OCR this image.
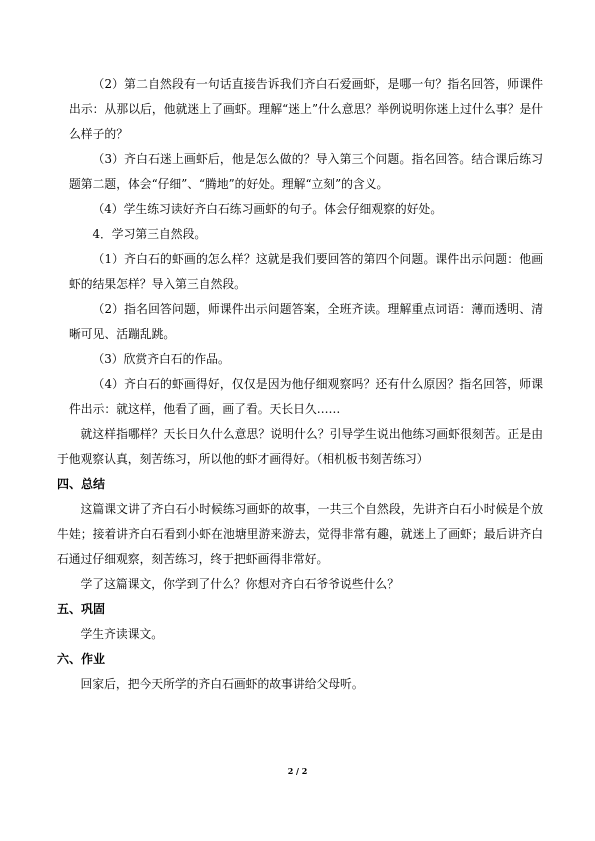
（2）第二自然段有一句话直接告诉我们齐白石爱画虾，是哪一句？指名回答，师课件出示：从那以后，他就迷上了画虾。理解“迷上”什么意思？举例说明你迷上过什么事？是什么样子的？

（3）齐白石迷上画虾后，他是怎么做的？导入第三个问题。指名回答。结合课后练习题第二题，体会“仔细”、“腾地”的好处。理解“立刻”的含义。

（4）学生练习读好齐白石练习画虾的句子。体会仔细观察的好处。

4．学习第三自然段。

（1）齐白石的虾画的怎么样？这就是我们要回答的第四个问题。课件出示问题：他画虾的结果怎样？导入第三自然段。

（2）指名回答问题，师课件出示问题答案，全班齐读。理解重点词语：薄而透明、清晰可见、活蹦乱跳。

（3）欣赏齐白石的作品。

（4）齐白石的虾画得好，仅仅是因为他仔细观察吗？还有什么原因？指名回答，师课件出示：就这样，他看了画，画了看。天长日久……

就这样指哪样？天长日久什么意思？说明什么？引导学生说出他练习画虾很刻苦。正是由于他观察认真，刻苦练习，所以他的虾才画得好。（相机板书刻苦练习）

四、总结

这篇课文讲了齐白石小时候练习画虾的故事，一共三个自然段，先讲齐白石小时候是个放牛娃；接着讲齐白石看到小虾在池塘里游来游去，觉得非常有趣，就迷上了画虾；最后讲齐白石通过仔细观察，刻苦练习，终于把虾画得非常好。

学了这篇课文，你学到了什么？你想对齐白石爷爷说些什么？

五、巩固

学生齐读课文。

六、作业

回家后，把今天所学的齐白石画虾的故事讲给父母听。

2 / 2
